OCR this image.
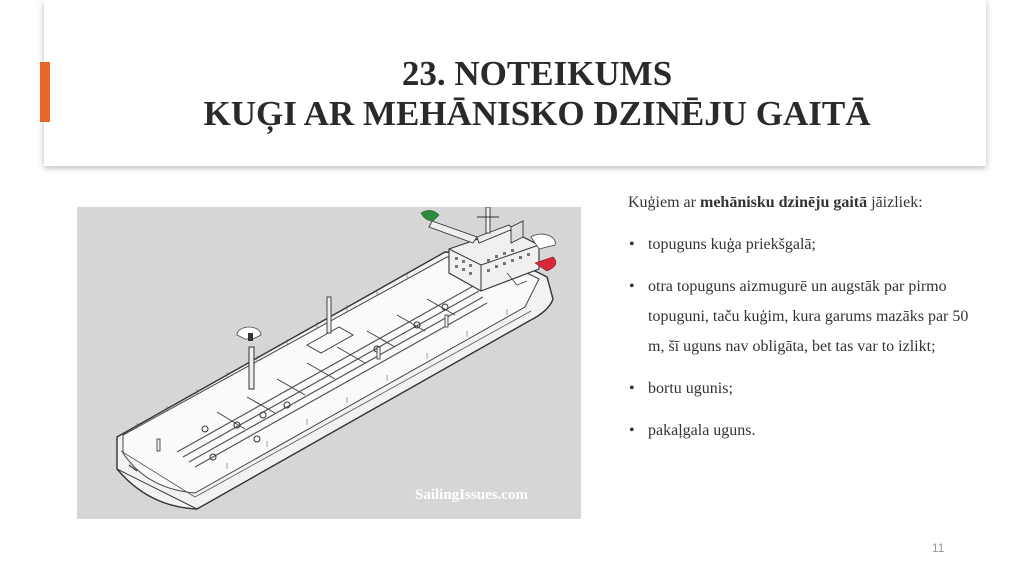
23. NOTEIKUMS
KUĢI AR MEHĀNISKO DZINĒJU GAITĀ
SailingIssues.com

Kuģiem ar mehānisku dzinēju gaitā jāizliek:

• topuguns kuģa priekšgalā;
• otra topuguns aizmugurē un augstāk par pirmo topuguni, taču kuģim, kura garums mazāks par 50 m, šī uguns nav obligāta, bet tas var to izlikt;
• bortu ugunis;
• pakaļgala uguns.
11
